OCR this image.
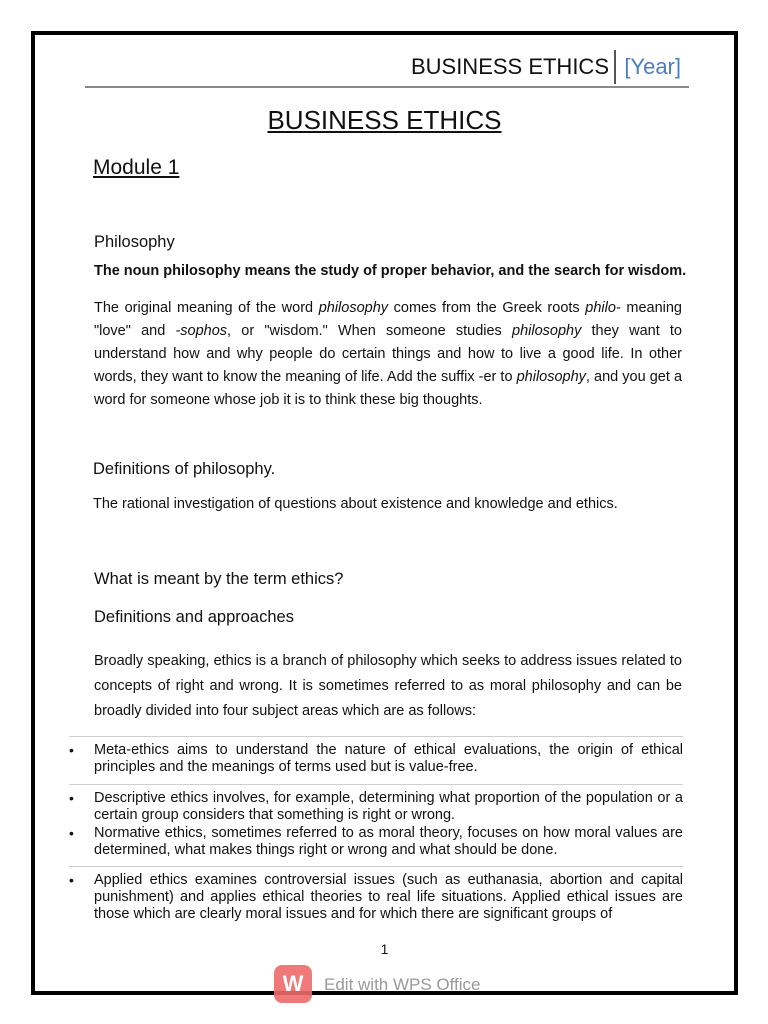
BUSINESS ETHICS [Year]
BUSINESS ETHICS
Module 1
Philosophy
The noun philosophy means the study of proper behavior, and the search for wisdom.
The original meaning of the word philosophy comes from the Greek roots philo- meaning "love" and -sophos, or "wisdom." When someone studies philosophy they want to understand how and why people do certain things and how to live a good life. In other words, they want to know the meaning of life. Add the suffix -er to philosophy, and you get a word for someone whose job it is to think these big thoughts.
Definitions of philosophy.
The rational investigation of questions about existence and knowledge and ethics.
What is meant by the term ethics?
Definitions and approaches
Broadly speaking, ethics is a branch of philosophy which seeks to address issues related to concepts of right and wrong. It is sometimes referred to as moral philosophy and can be broadly divided into four subject areas which are as follows:
•	Meta-ethics aims to understand the nature of ethical evaluations, the origin of ethical principles and the meanings of terms used but is value-free.
•	Descriptive ethics involves, for example, determining what proportion of the population or a certain group considers that something is right or wrong.
•	Normative ethics, sometimes referred to as moral theory, focuses on how moral values are determined, what makes things right or wrong and what should be done.
•	Applied ethics examines controversial issues (such as euthanasia, abortion and capital punishment) and applies ethical theories to real life situations. Applied ethical issues are those which are clearly moral issues and for which there are significant groups of
1
W	Edit with WPS Office
